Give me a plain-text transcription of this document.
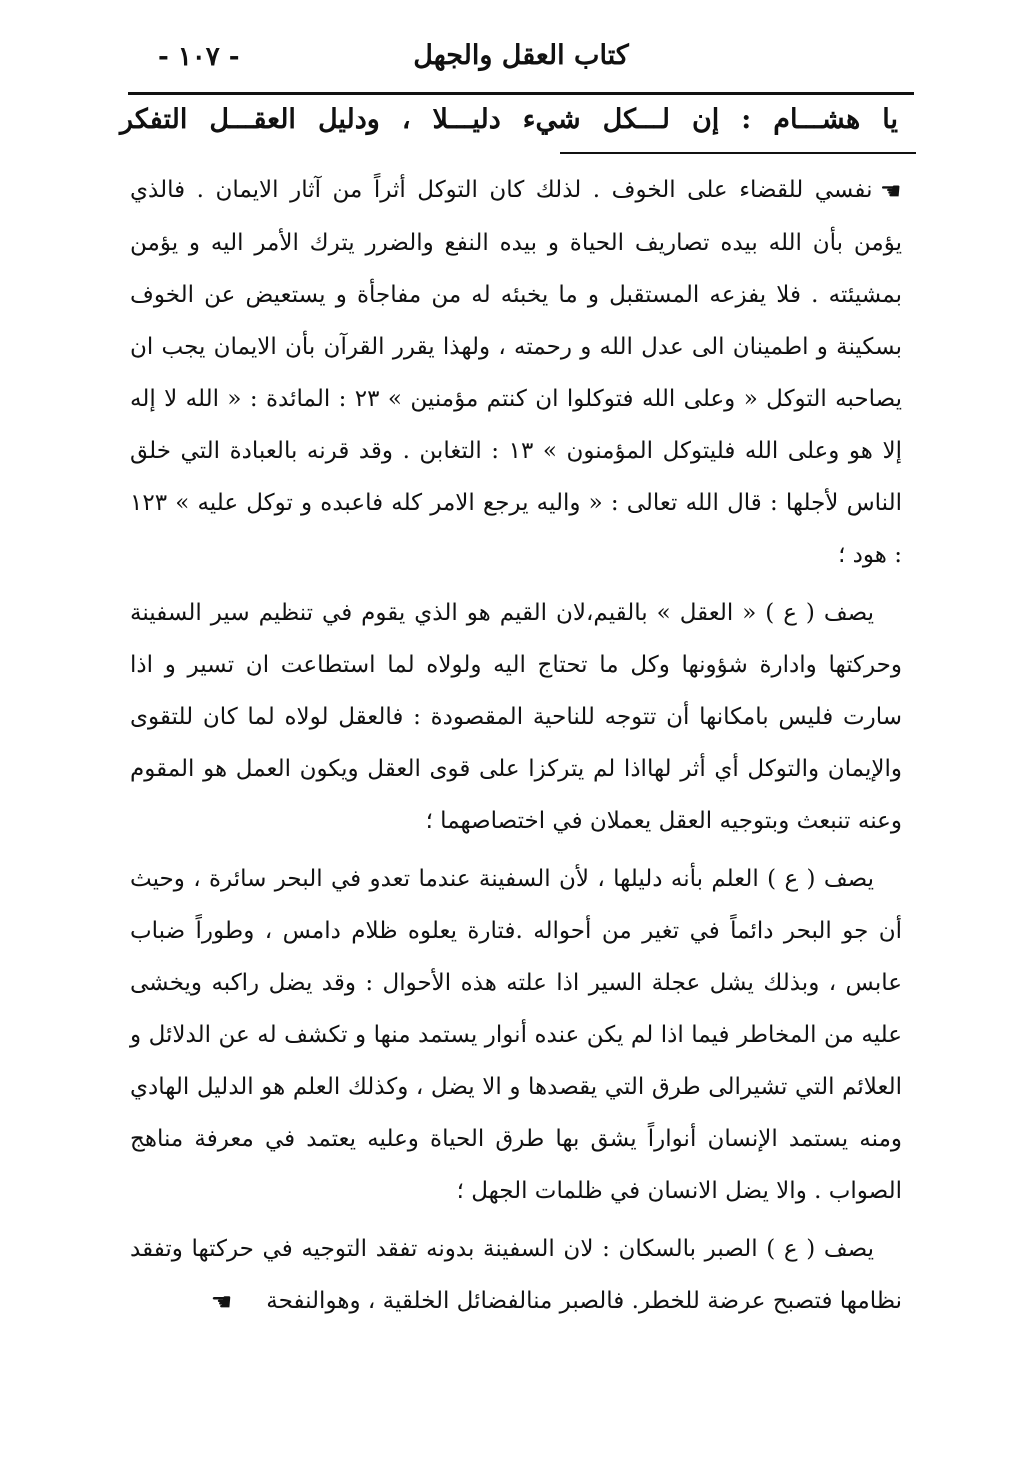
- ١٠٧ -	كتاب العقل والجهل
يا هشـــام : إن لـــكل شيء دليـــلا ، ودليل العقـــل التفكر

☛نفسي للقضاء على الخوف . لذلك كان التوكل أثراً من آثار الايمان . فالذي يؤمن بأن الله بيده تصاريف الحياة و بيده النفع والضرر يترك الأمر اليه و يؤمن بمشيئته . فلا يفزعه المستقبل و ما يخبئه له من مفاجأة و يستعيض عن الخوف بسكينة و اطمينان الى عدل الله و رحمته ، ولهذا يقرر القرآن بأن الايمان يجب ان يصاحبه التوكل « وعلى الله فتوكلوا ان كنتم مؤمنين » ٢٣ : المائدة : « الله لا إله إلا هو وعلى الله فليتوكل المؤمنون » ١٣ : التغابن . وقد قرنه بالعبادة التي خلق الناس لأجلها : قال الله تعالى : « واليه يرجع الامر كله فاعبده و توكل عليه » ١٢٣ : هود ؛

يصف ( ع ) « العقل » بالقيم،لان القيم هو الذي يقوم في تنظيم سير السفينة وحركتها وادارة شؤونها وكل ما تحتاج اليه ولولاه لما استطاعت ان تسير و اذا سارت فليس بامكانها أن تتوجه للناحية المقصودة : فالعقل لولاه لما كان للتقوى والإيمان والتوكل أي أثر لهااذا لم يتركزا على قوى العقل ويكون العمل هو المقوم وعنه تنبعث وبتوجيه العقل يعملان في اختصاصهما ؛

يصف ( ع ) العلم بأنه دليلها ، لأن السفينة عندما تعدو في البحر سائرة ، وحيث أن جو البحر دائماً في تغير من أحواله .فتارة يعلوه ظلام دامس ، وطوراً ضباب عابس ، وبذلك يشل عجلة السير اذا علته هذه الأحوال : وقد يضل راكبه ويخشى عليه من المخاطر فيما اذا لم يكن عنده أنوار يستمد منها و تكشف له عن الدلائل و العلائم التي تشيرالى طرق التي يقصدها و الا يضل ، وكذلك العلم هو الدليل الهادي ومنه يستمد الإنسان أنواراً يشق بها طرق الحياة وعليه يعتمد في معرفة مناهج الصواب . والا يضل الانسان في ظلمات الجهل ؛

يصف ( ع ) الصبر بالسكان : لان السفينة بدونه تفقد التوجيه في حركتها وتفقد نظامها فتصبح عرضة للخطر. فالصبر منالفضائل الخلقية ، وهوالنفحة☚
